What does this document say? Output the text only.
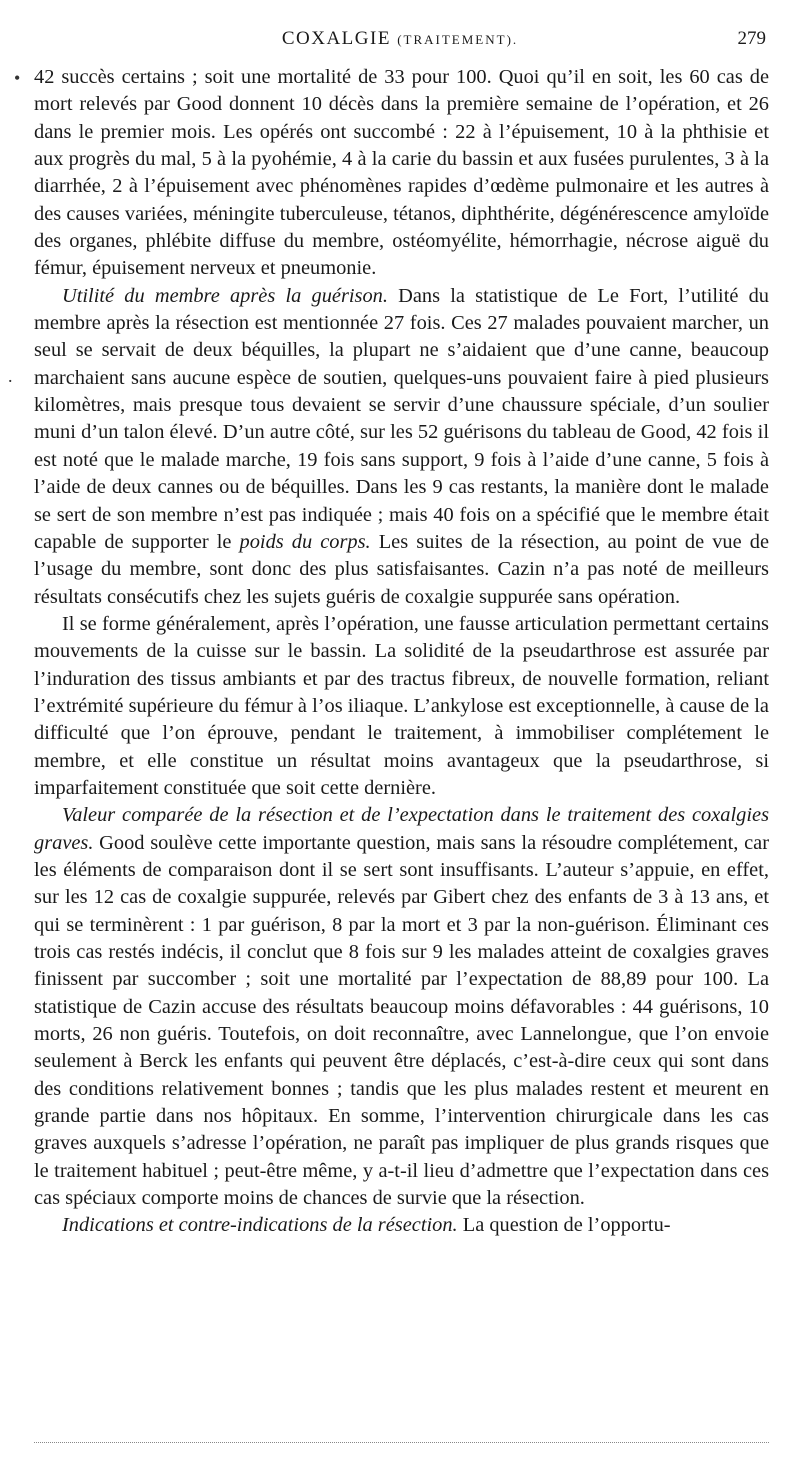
COXALGIE (TRAITEMENT).	279
•
.

42 succès certains ; soit une mortalité de 33 pour 100. Quoi qu’il en soit, les 60 cas de mort relevés par Good donnent 10 décès dans la première semaine de l’opération, et 26 dans le premier mois. Les opérés ont succombé : 22 à l’épuisement, 10 à la phthisie et aux progrès du mal, 5 à la pyohémie, 4 à la carie du bassin et aux fusées purulentes, 3 à la diarrhée, 2 à l’épuisement avec phénomènes rapides d’œdème pulmonaire et les autres à des causes variées, méningite tuberculeuse, tétanos, diphthérite, dégénérescence amyloïde des organes, phlébite diffuse du membre, ostéomyélite, hémorrhagie, nécrose aiguë du fémur, épuisement nerveux et pneumonie.

Utilité du membre après la guérison. Dans la statistique de Le Fort, l’utilité du membre après la résection est mentionnée 27 fois. Ces 27 malades pouvaient marcher, un seul se servait de deux béquilles, la plupart ne s’aidaient que d’une canne, beaucoup marchaient sans aucune espèce de soutien, quelques-uns pouvaient faire à pied plusieurs kilomètres, mais presque tous devaient se servir d’une chaussure spéciale, d’un soulier muni d’un talon élevé. D’un autre côté, sur les 52 guérisons du tableau de Good, 42 fois il est noté que le malade marche, 19 fois sans support, 9 fois à l’aide d’une canne, 5 fois à l’aide de deux cannes ou de béquilles. Dans les 9 cas restants, la manière dont le malade se sert de son membre n’est pas indiquée ; mais 40 fois on a spécifié que le membre était capable de supporter le poids du corps. Les suites de la résection, au point de vue de l’usage du membre, sont donc des plus satisfaisantes. Cazin n’a pas noté de meilleurs résultats consécutifs chez les sujets guéris de coxalgie suppurée sans opération.

Il se forme généralement, après l’opération, une fausse articulation permettant certains mouvements de la cuisse sur le bassin. La solidité de la pseudarthrose est assurée par l’induration des tissus ambiants et par des tractus fibreux, de nouvelle formation, reliant l’extrémité supérieure du fémur à l’os iliaque. L’ankylose est exceptionnelle, à cause de la difficulté que l’on éprouve, pendant le traitement, à immobiliser complétement le membre, et elle constitue un résultat moins avantageux que la pseudarthrose, si imparfaitement constituée que soit cette dernière.

Valeur comparée de la résection et de l’expectation dans le traitement des coxalgies graves. Good soulève cette importante question, mais sans la résoudre complétement, car les éléments de comparaison dont il se sert sont insuffisants. L’auteur s’appuie, en effet, sur les 12 cas de coxalgie suppurée, relevés par Gibert chez des enfants de 3 à 13 ans, et qui se terminèrent : 1 par guérison, 8 par la mort et 3 par la non-guérison. Éliminant ces trois cas restés indécis, il conclut que 8 fois sur 9 les malades atteint de coxalgies graves finissent par succomber ; soit une mortalité par l’expectation de 88,89 pour 100. La statistique de Cazin accuse des résultats beaucoup moins défavorables : 44 guérisons, 10 morts, 26 non guéris. Toutefois, on doit reconnaître, avec Lannelongue, que l’on envoie seulement à Berck les enfants qui peuvent être déplacés, c’est-à-dire ceux qui sont dans des conditions relativement bonnes ; tandis que les plus malades restent et meurent en grande partie dans nos hôpitaux. En somme, l’intervention chirurgicale dans les cas graves auxquels s’adresse l’opération, ne paraît pas impliquer de plus grands risques que le traitement habituel ; peut-être même, y a-t-il lieu d’admettre que l’expectation dans ces cas spéciaux comporte moins de chances de survie que la résection.

Indications et contre-indications de la résection. La question de l’opportu-
